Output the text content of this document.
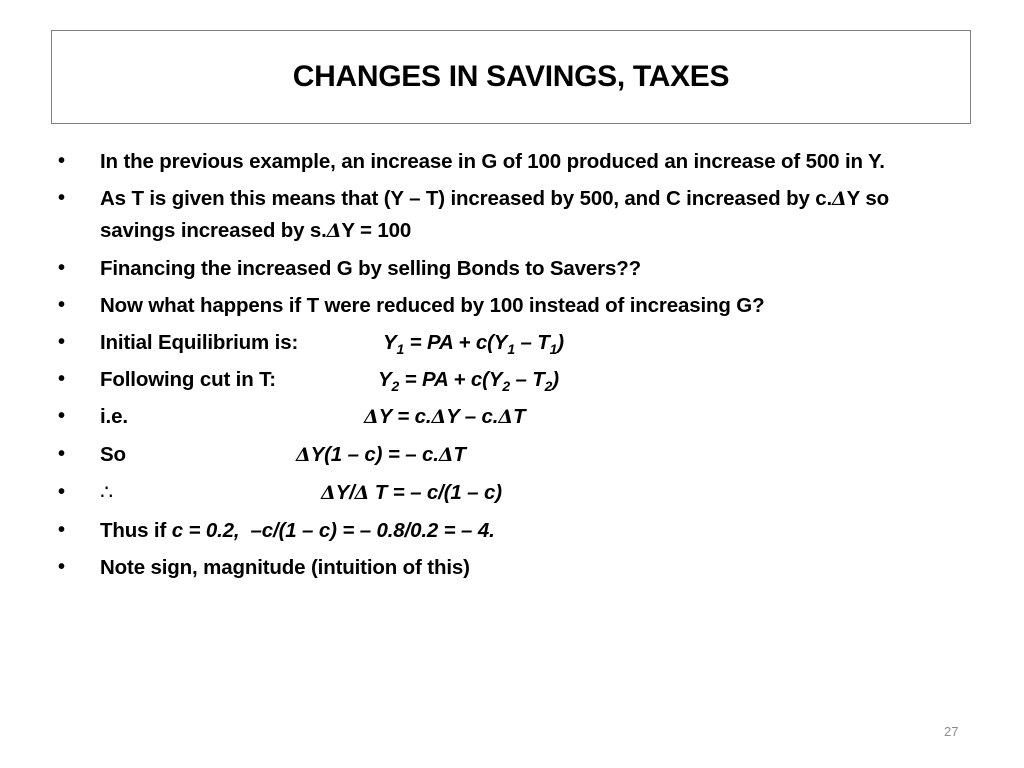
CHANGES IN SAVINGS, TAXES
• In the previous example, an increase in G of 100 produced an increase of 500 in Y.
• As T is given this means that (Y – T) increased by 500, and C increased by c.ΔY so savings increased by s.ΔY = 100
• Financing the increased G by selling Bonds to Savers??
• Now what happens if T were reduced by 100 instead of increasing G?
• Initial Equilibrium is:	$Y_1$ = PA + $c(Y_1 - T_1)$
• Following cut in T:	$Y_2$ = PA + $c(Y_2 - T_2)$
• i.e.	ΔY = c.ΔY – c.ΔT
• So	ΔY(1 – c) = – c.ΔT
• ∴	ΔY/Δ T = – c/(1 – c)
• Thus if c = 0.2,  –c/(1 – c) = – 0.8/0.2 = – 4.
• Note sign, magnitude (intuition of this)
27
